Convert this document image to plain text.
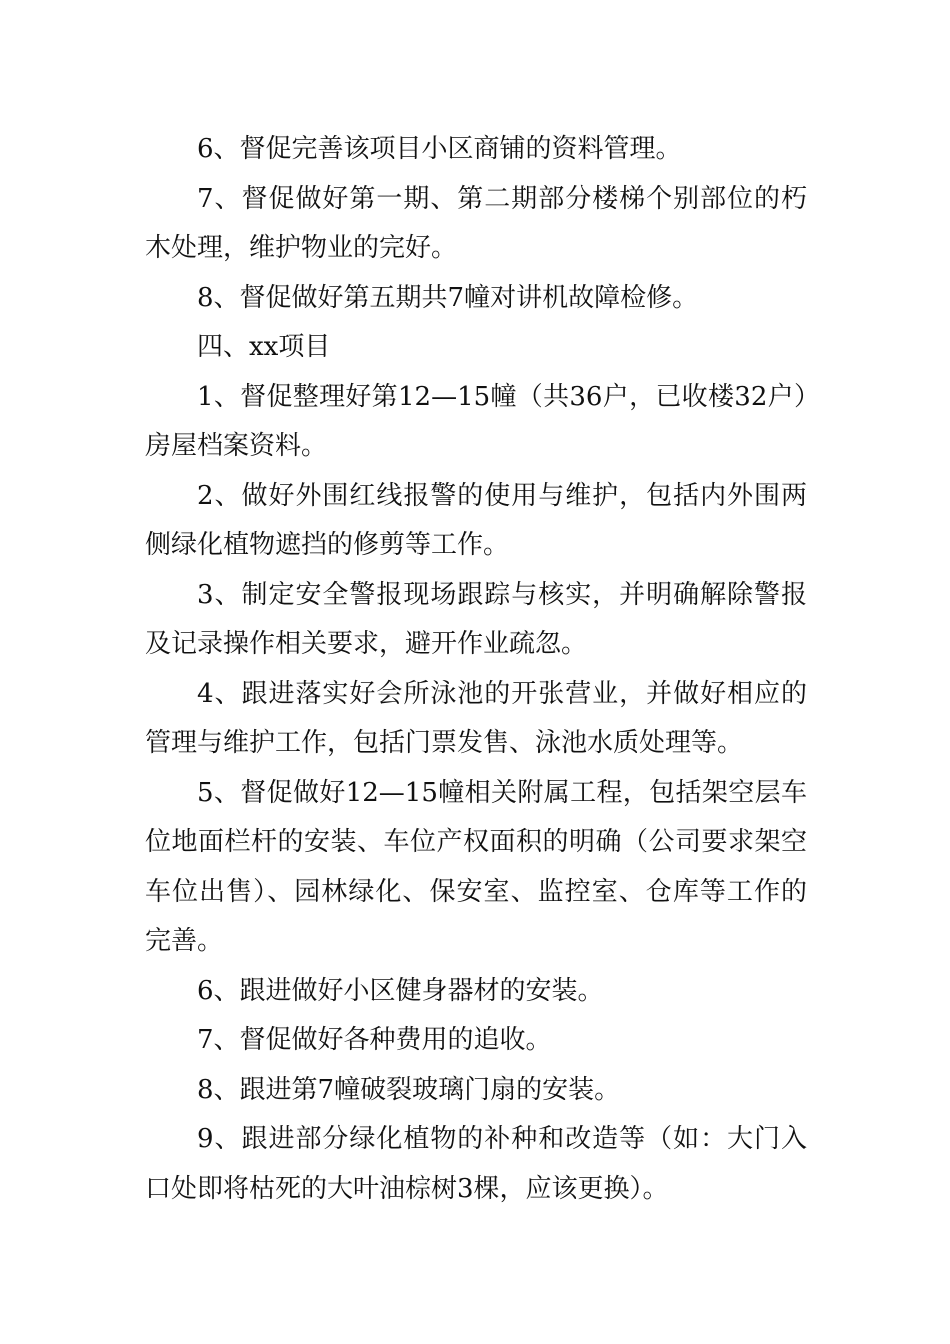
6、督促完善该项目小区商铺的资料管理。

7、督促做好第一期、第二期部分楼梯个别部位的朽木处理，维护物业的完好。

8、督促做好第五期共7幢对讲机故障检修。

四、xx项目

1、督促整理好第12—15幢（共36户，已收楼32户）房屋档案资料。

2、做好外围红线报警的使用与维护，包括内外围两侧绿化植物遮挡的修剪等工作。

3、制定安全警报现场跟踪与核实，并明确解除警报及记录操作相关要求，避开作业疏忽。

4、跟进落实好会所泳池的开张营业，并做好相应的管理与维护工作，包括门票发售、泳池水质处理等。

5、督促做好12—15幢相关附属工程，包括架空层车位地面栏杆的安装、车位产权面积的明确（公司要求架空车位出售）、园林绿化、保安室、监控室、仓库等工作的完善。

6、跟进做好小区健身器材的安装。

7、督促做好各种费用的追收。

8、跟进第7幢破裂玻璃门扇的安装。

9、跟进部分绿化植物的补种和改造等（如：大门入口处即将枯死的大叶油棕树3棵，应该更换）。
